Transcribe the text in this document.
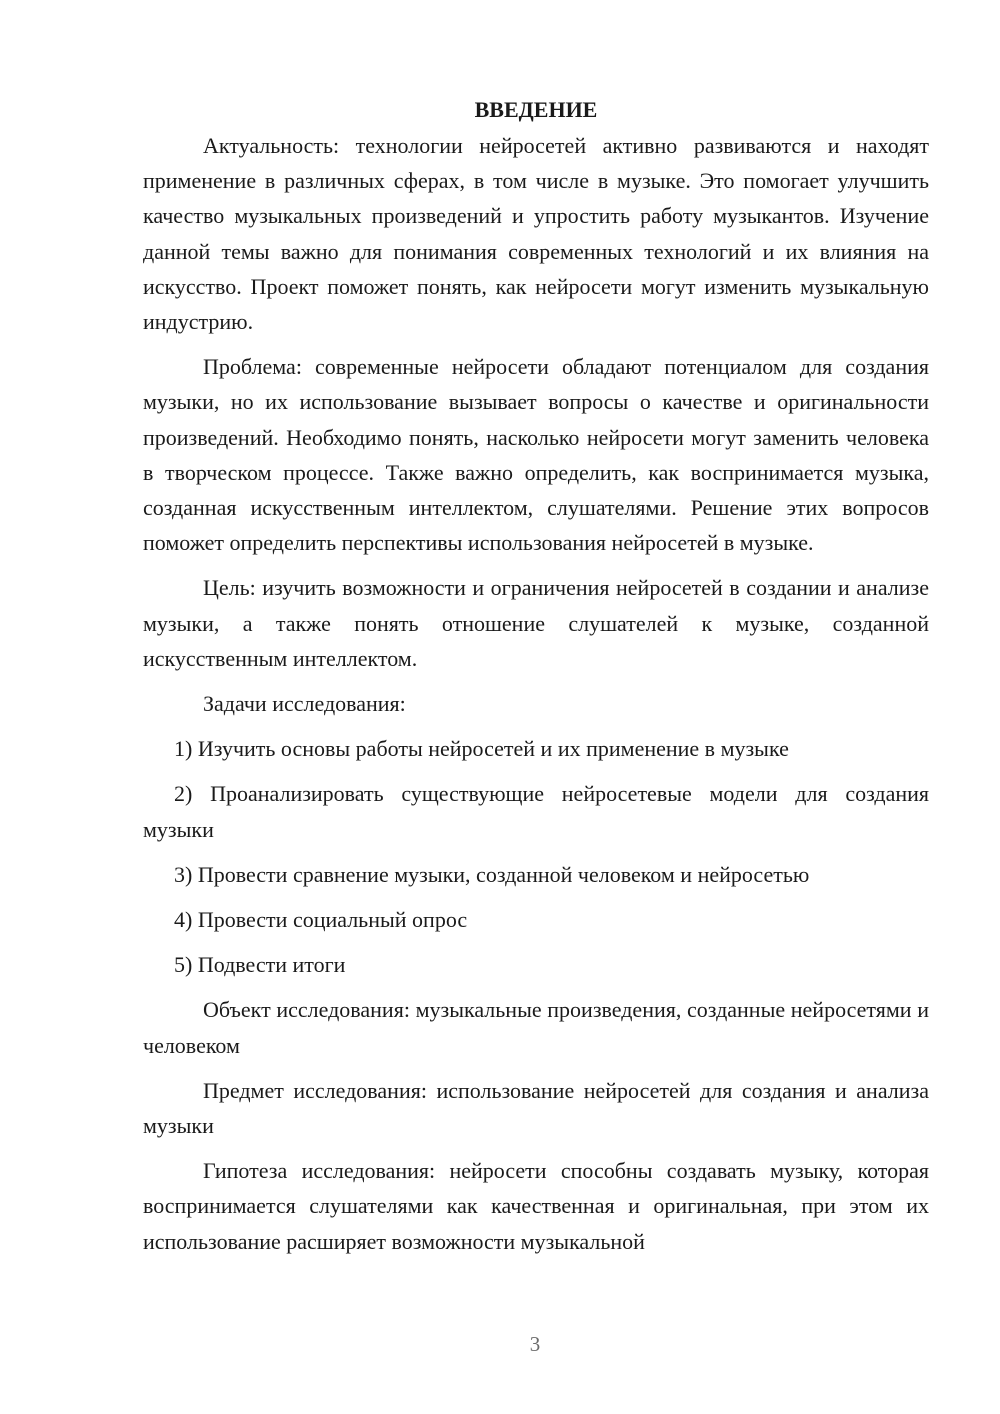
ВВЕДЕНИЕ

Актуальность: технологии нейросетей активно развиваются и находят применение в различных сферах, в том числе в музыке. Это помогает улучшить качество музыкальных произведений и упростить работу музыкантов. Изучение данной темы важно для понимания современных технологий и их влияния на искусство. Проект поможет понять, как нейросети могут изменить музыкальную индустрию.

Проблема: современные нейросети обладают потенциалом для создания музыки, но их использование вызывает вопросы о качестве и оригинальности произведений. Необходимо понять, насколько нейросети могут заменить человека в творческом процессе. Также важно определить, как воспринимается музыка, созданная искусственным интеллектом, слушателями. Решение этих вопросов поможет определить перспективы использования нейросетей в музыке.

Цель: изучить возможности и ограничения нейросетей в создании и анализе музыки, а также понять отношение слушателей к музыке, созданной искусственным интеллектом.

Задачи исследования:

1) Изучить основы работы нейросетей и их применение в музыке

2) Проанализировать существующие нейросетевые модели для создания музыки

3) Провести сравнение музыки, созданной человеком и нейросетью

4) Провести социальный опрос

5) Подвести итоги

Объект исследования: музыкальные произведения, созданные нейросетями и человеком

Предмет исследования: использование нейросетей для создания и анализа музыки

Гипотеза исследования: нейросети способны создавать музыку, которая воспринимается слушателями как качественная и оригинальная, при этом их использование расширяет возможности музыкальной

3
